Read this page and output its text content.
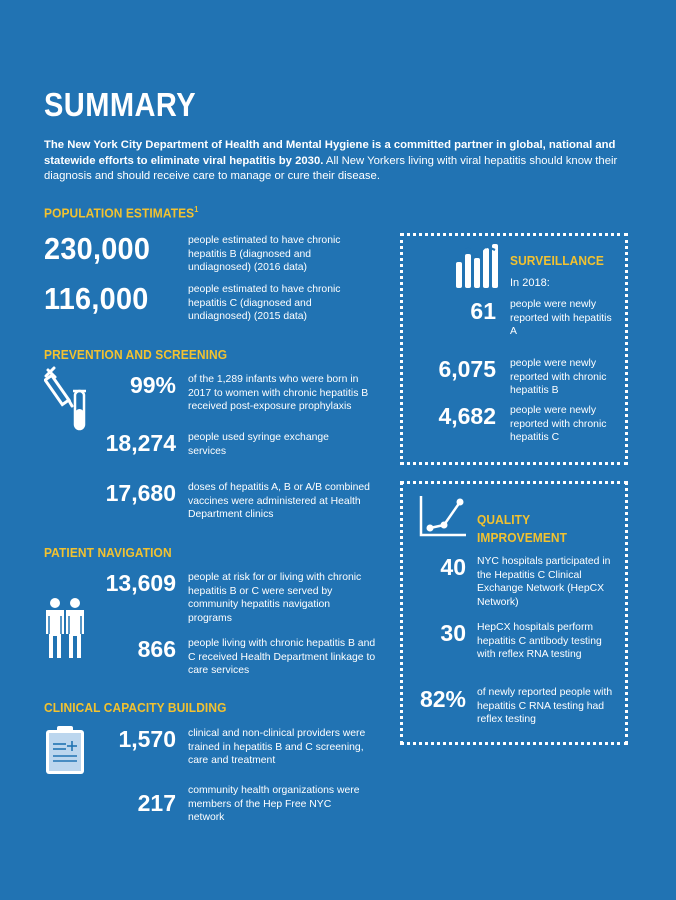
SUMMARY
The New York City Department of Health and Mental Hygiene is a committed partner in global, national and statewide efforts to eliminate viral hepatitis by 2030. All New Yorkers living with viral hepatitis should know their diagnosis and should receive care to manage or cure their disease.
POPULATION ESTIMATES$^1$
230,000	people estimated to have chronic hepatitis B (diagnosed and undiagnosed) (2016 data)
116,000	people estimated to have chronic hepatitis C (diagnosed and undiagnosed) (2015 data)
PREVENTION AND SCREENING
99% of the 1,289 infants who were born in 2017 to women with chronic hepatitis B received post-exposure prophylaxis
18,274 people used syringe exchange services
17,680 doses of hepatitis A, B or A/B combined vaccines were administered at Health Department clinics
PATIENT NAVIGATION
13,609 people at risk for or living with chronic hepatitis B or C were served by community hepatitis navigation programs
866 people living with chronic hepatitis B and C received Health Department linkage to care services
CLINICAL CAPACITY BUILDING
1,570 clinical and non-clinical providers were trained in hepatitis B and C screening, care and treatment
217 community health organizations were members of the Hep Free NYC network
SURVEILLANCE
In 2018:
61 people were newly reported with hepatitis A
6,075 people were newly reported with chronic hepatitis B
4,682 people were newly reported with chronic hepatitis C
QUALITY
IMPROVEMENT
40 NYC hospitals participated in the Hepatitis C Clinical Exchange Network (HepCX Network)
30 HepCX hospitals perform hepatitis C antibody testing with reflex RNA testing
82% of newly reported people with hepatitis C RNA testing had reflex testing
